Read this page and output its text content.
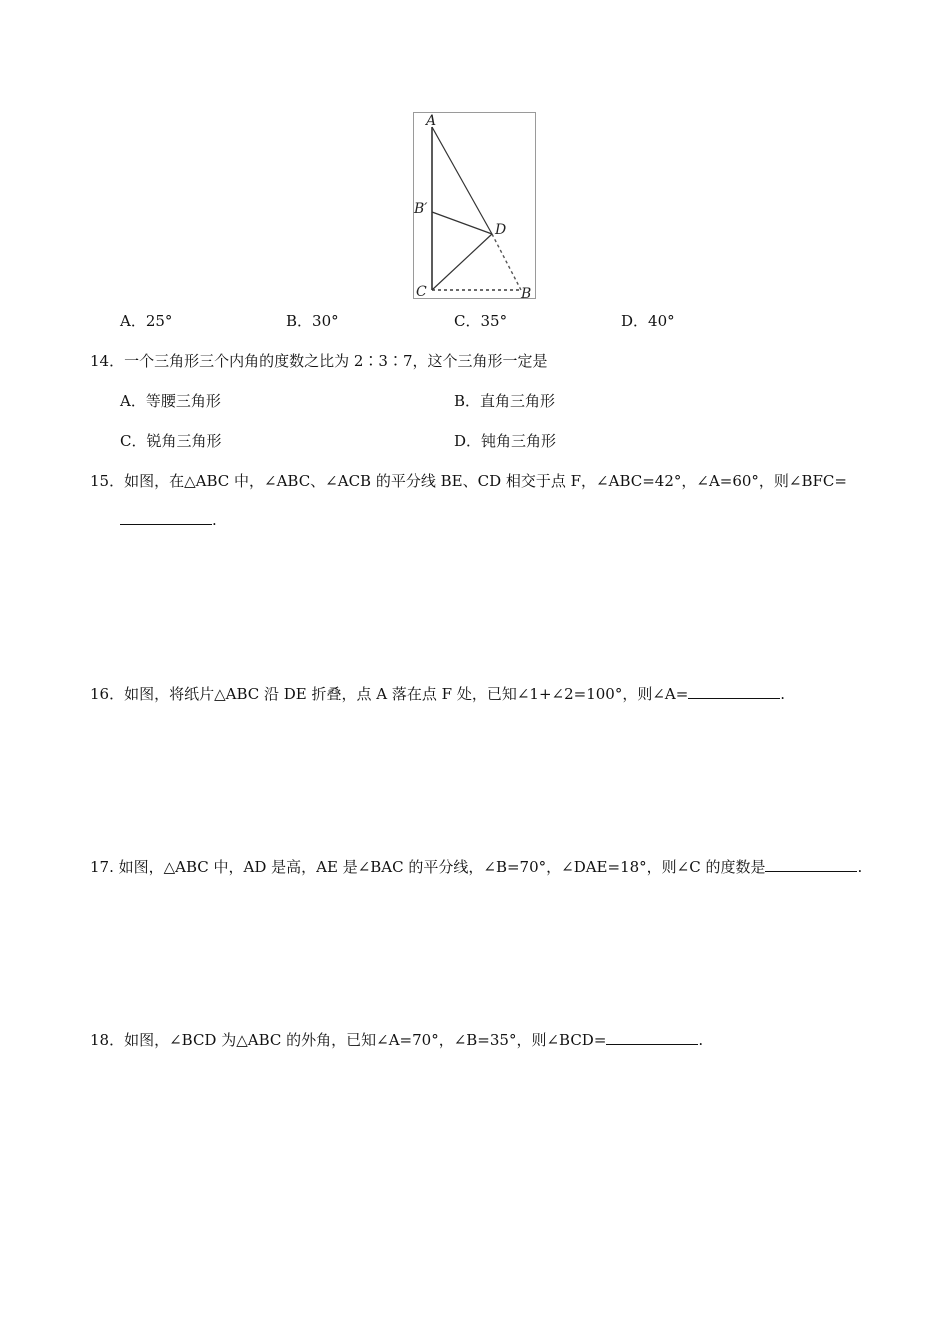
A
B′
D
C	B
A．25°	B．30°	C．35°	D．40°
14．一个三角形三个内角的度数之比为 2∶3∶7，这个三角形一定是
A．等腰三角形	B．直角三角形
C．锐角三角形	D．钝角三角形
15．如图，在△ABC 中，∠ABC、∠ACB 的平分线 BE、CD 相交于点 F，∠ABC=42°，∠A=60°，则∠BFC=
.
16．如图，将纸片△ABC 沿 DE 折叠，点 A 落在点 F 处，已知∠1+∠2=100°，则∠A=	.
17. 如图，△ABC 中，AD 是高，AE 是∠BAC 的平分线，∠B=70°，∠DAE=18°，则∠C 的度数是	.
18．如图，∠BCD 为△ABC 的外角，已知∠A=70°，∠B=35°，则∠BCD=	.
